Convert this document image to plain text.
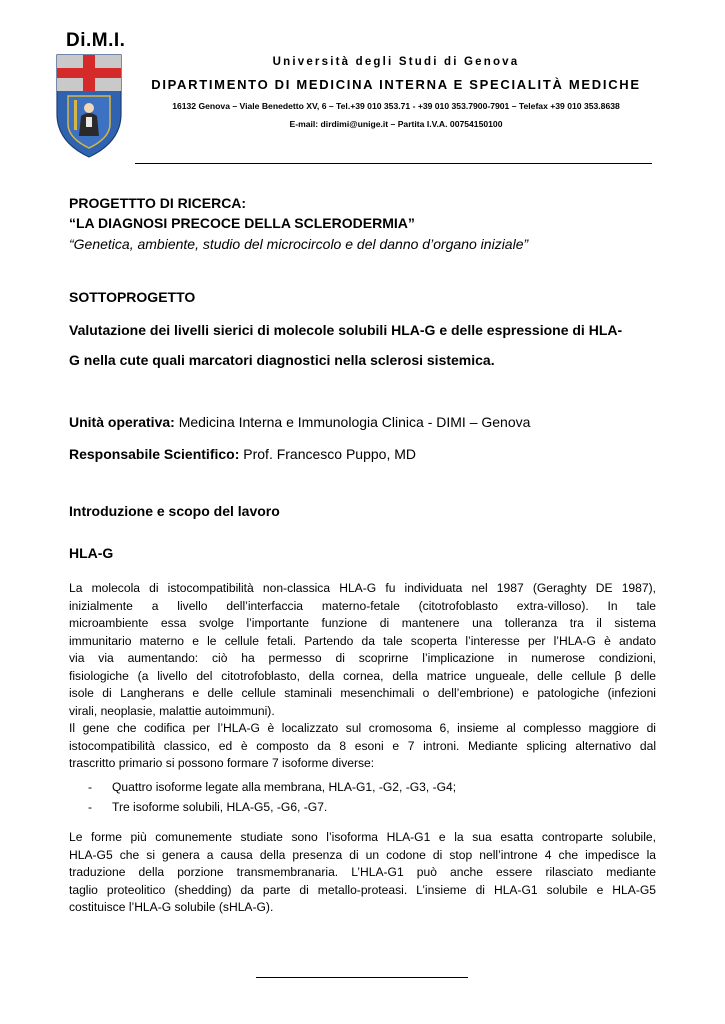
Di.M.I.
Università degli Studi di Genova
DIPARTIMENTO DI MEDICINA INTERNA E SPECIALITÀ MEDICHE
16132 Genova – Viale Benedetto XV, 6 – Tel.+39 010 353.71 - +39 010 353.7900-7901 – Telefax +39 010 353.8638
E-mail: dirdimi@unige.it – Partita I.V.A. 00754150100
PROGETTTO DI RICERCA:
“LA DIAGNOSI PRECOCE DELLA SCLERODERMIA”
“Genetica, ambiente, studio del microcircolo e del danno d’organo iniziale”
SOTTOPROGETTO
Valutazione dei livelli sierici di molecole solubili HLA-G e delle espressione di HLA-
G nella cute quali marcatori diagnostici nella sclerosi sistemica.
Unità operativa: Medicina Interna e Immunologia Clinica - DIMI – Genova
Responsabile Scientifico: Prof. Francesco Puppo, MD
Introduzione e scopo del lavoro
HLA-G
La molecola di istocompatibilità non-classica HLA-G fu individuata nel 1987 (Geraghty DE 1987),
inizialmente a livello dell’interfaccia materno-fetale (citotrofoblasto extra-villoso). In tale
microambiente essa svolge l’importante funzione di mantenere una tolleranza tra il sistema
immunitario materno e le cellule fetali. Partendo da tale scoperta l’interesse per l’HLA-G è andato
via via aumentando: ciò ha permesso di scoprirne l’implicazione in numerose condizioni,
fisiologiche (a livello del citotrofoblasto, della cornea, della matrice ungueale, delle cellule β delle
isole di Langherans e delle cellule staminali mesenchimali o dell’embrione) e patologiche (infezioni
virali, neoplasie, malattie autoimmuni).
Il gene che codifica per l’HLA-G è localizzato sul cromosoma 6, insieme al complesso maggiore di
istocompatibilità classico, ed è composto da 8 esoni e 7 introni. Mediante splicing alternativo dal
trascritto primario si possono formare 7 isoforme diverse:
- Quattro isoforme legate alla membrana, HLA-G1, -G2, -G3, -G4;
- Tre isoforme solubili, HLA-G5, -G6, -G7.
Le forme più comunemente studiate sono l’isoforma HLA-G1 e la sua esatta controparte solubile,
HLA-G5 che si genera a causa della presenza di un codone di stop nell’introne 4 che impedisce la
traduzione della porzione transmembranaria. L’HLA-G1 può anche essere rilasciato mediante
taglio proteolitico (shedding) da parte di metallo-proteasi. L’insieme di HLA-G1 solubile e HLA-G5
costituisce l’HLA-G solubile (sHLA-G).
